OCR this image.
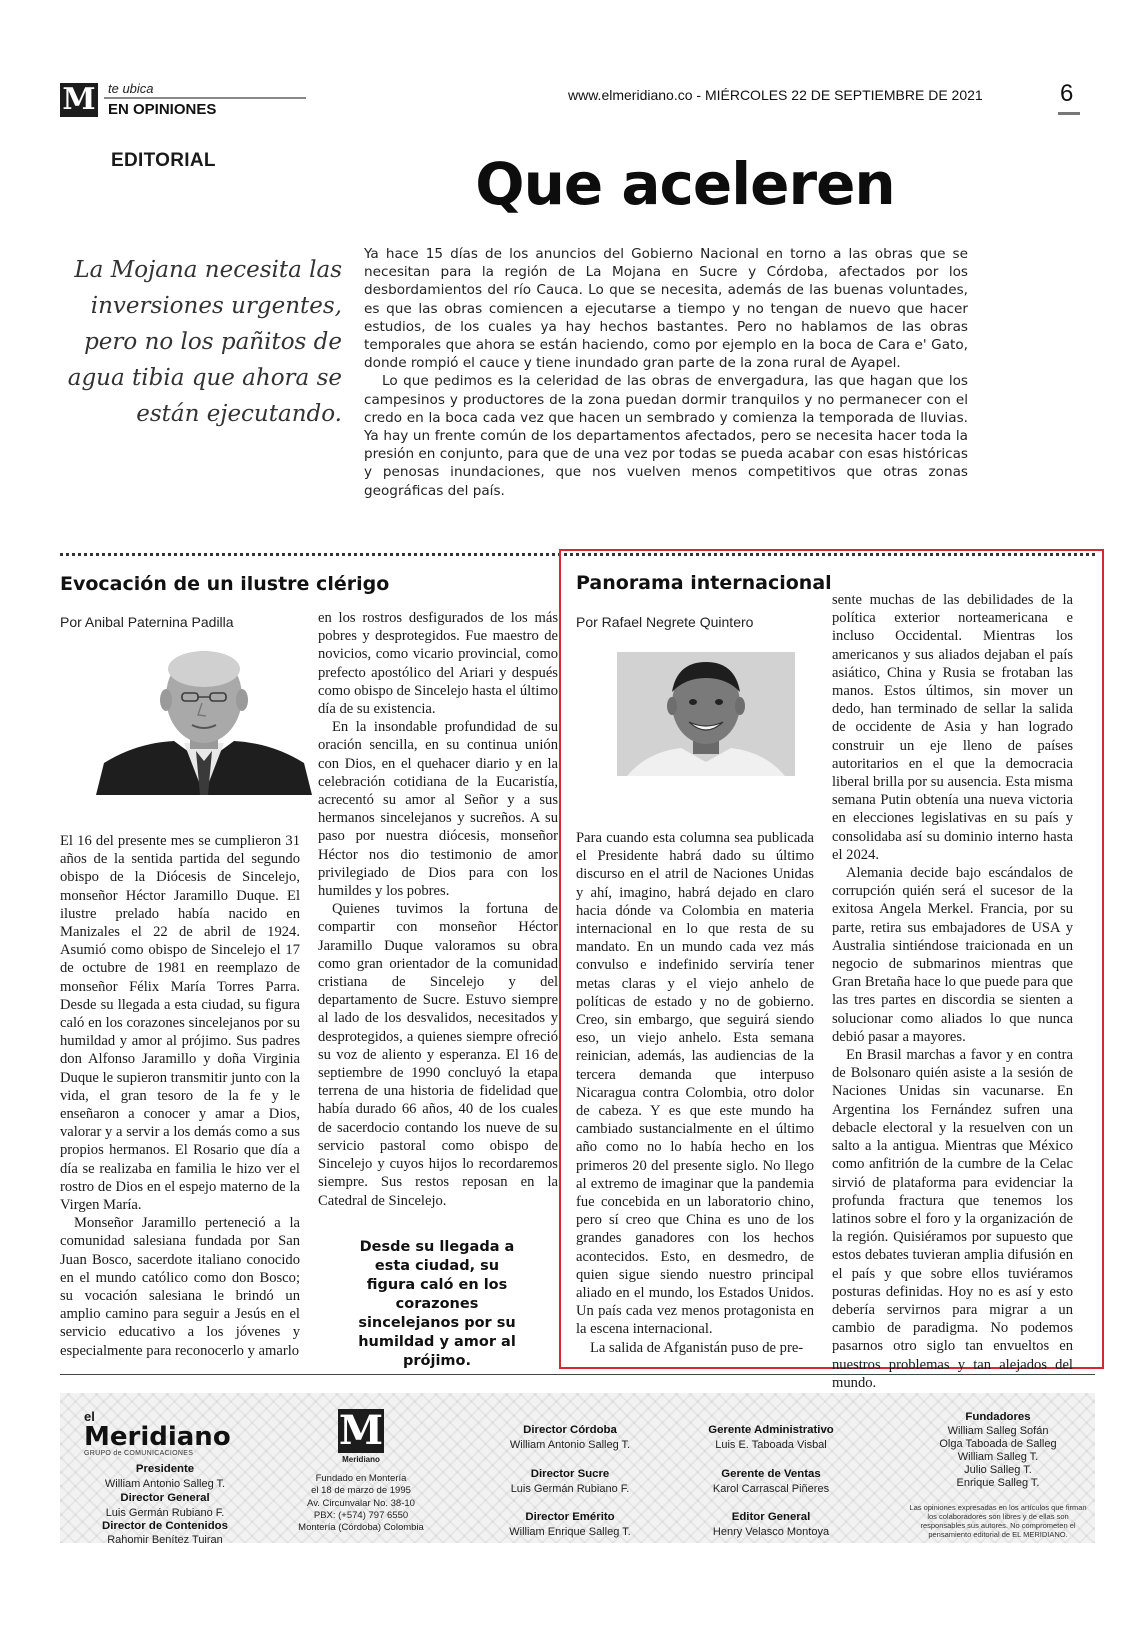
M te ubica
EN OPINIONES
www.elmeridiano.co - MIÉRCOLES 22 DE SEPTIEMBRE DE 2021	6
EDITORIAL	Que aceleren
La Mojana necesita las inversiones urgentes, pero no los pañitos de agua tibia que ahora se están ejecutando.

Ya hace 15 días de los anuncios del Gobierno Nacional en torno a las obras que se necesitan para la región de La Mojana en Sucre y Córdoba, afectados por los desbordamientos del río Cauca. Lo que se necesita, además de las buenas voluntades, es que las obras comiencen a ejecutarse a tiempo y no tengan de nuevo que hacer estudios, de los cuales ya hay hechos bastantes. Pero no hablamos de las obras temporales que ahora se están haciendo, como por ejemplo en la boca de Cara e' Gato, donde rompió el cauce y tiene inundado gran parte de la zona rural de Ayapel.

Lo que pedimos es la celeridad de las obras de envergadura, las que hagan que los campesinos y productores de la zona puedan dormir tranquilos y no permanecer con el credo en la boca cada vez que hacen un sembrado y comienza la temporada de lluvias. Ya hay un frente común de los departamentos afectados, pero se necesita hacer toda la presión en conjunto, para que de una vez por todas se pueda acabar con esas históricas y penosas inundaciones, que nos vuelven menos competitivos que otras zonas geográficas del país.

Evocación de un ilustre clérigo
Por Anibal Paternina Padilla

El 16 del presente mes se cumplieron 31 años de la sentida partida del segundo obispo de la Diócesis de Sincelejo, monseñor Héctor Jaramillo Duque. El ilustre prelado había nacido en Manizales el 22 de abril de 1924. Asumió como obispo de Sincelejo el 17 de octubre de 1981 en reemplazo de monseñor Félix María Torres Parra. Desde su llegada a esta ciudad, su figura caló en los corazones sincelejanos por su humildad y amor al prójimo. Sus padres don Alfonso Jaramillo y doña Virginia Duque le supieron transmitir junto con la vida, el gran tesoro de la fe y le enseñaron a conocer y amar a Dios, valorar y a servir a los demás como a sus propios hermanos. El Rosario que día a día se realizaba en familia le hizo ver el rostro de Dios en el espejo materno de la Virgen María.

Monseñor Jaramillo perteneció a la comunidad salesiana fundada por San Juan Bosco, sacerdote italiano conocido en el mundo católico como don Bosco; su vocación salesiana le brindó un amplio camino para seguir a Jesús en el servicio educativo a los jóvenes y especialmente para reconocerlo y amarlo

en los rostros desfigurados de los más pobres y desprotegidos. Fue maestro de novicios, como vicario provincial, como prefecto apostólico del Ariari y después como obispo de Sincelejo hasta el último día de su existencia.

En la insondable profundidad de su oración sencilla, en su continua unión con Dios, en el quehacer diario y en la celebración cotidiana de la Eucaristía, acrecentó su amor al Señor y a sus hermanos sincelejanos y sucreños. A su paso por nuestra diócesis, monseñor Héctor nos dio testimonio de amor privilegiado de Dios para con los humildes y los pobres.

Quienes tuvimos la fortuna de compartir con monseñor Héctor Jaramillo Duque valoramos su obra como gran orientador de la comunidad cristiana de Sincelejo y del departamento de Sucre. Estuvo siempre al lado de los desvalidos, necesitados y desprotegidos, a quienes siempre ofreció su voz de aliento y esperanza. El 16 de septiembre de 1990 concluyó la etapa terrena de una historia de fidelidad que había durado 66 años, 40 de los cuales de sacerdocio contando los nueve de su servicio pastoral como obispo de Sincelejo y cuyos hijos lo recordaremos siempre. Sus restos reposan en la Catedral de Sincelejo.

Desde su llegada a esta ciudad, su figura caló en los corazones sincelejanos por su humildad y amor al prójimo.
Panorama internacional
Por Rafael Negrete Quintero

Para cuando esta columna sea publicada el Presidente habrá dado su último discurso en el atril de Naciones Unidas y ahí, imagino, habrá dejado en claro hacia dónde va Colombia en materia internacional en lo que resta de su mandato. En un mundo cada vez más convulso e indefinido serviría tener metas claras y el viejo anhelo de políticas de estado y no de gobierno. Creo, sin embargo, que seguirá siendo eso, un viejo anhelo. Esta semana reinician, además, las audiencias de la tercera demanda que interpuso Nicaragua contra Colombia, otro dolor de cabeza. Y es que este mundo ha cambiado sustancialmente en el último año como no lo había hecho en los primeros 20 del presente siglo. No llego al extremo de imaginar que la pandemia fue concebida en un laboratorio chino, pero sí creo que China es uno de los grandes ganadores con los hechos acontecidos. Esto, en desmedro, de quien sigue siendo nuestro principal aliado en el mundo, los Estados Unidos. Un país cada vez menos protagonista en la escena internacional.

La salida de Afganistán puso de pre-

sente muchas de las debilidades de la política exterior norteamericana e incluso Occidental. Mientras los americanos y sus aliados dejaban el país asiático, China y Rusia se frotaban las manos. Estos últimos, sin mover un dedo, han terminado de sellar la salida de occidente de Asia y han logrado construir un eje lleno de países autoritarios en el que la democracia liberal brilla por su ausencia. Esta misma semana Putin obtenía una nueva victoria en elecciones legislativas en su país y consolidaba así su dominio interno hasta el 2024.

Alemania decide bajo escándalos de corrupción quién será el sucesor de la exitosa Angela Merkel. Francia, por su parte, retira sus embajadores de USA y Australia sintiéndose traicionada en un negocio de submarinos mientras que Gran Bretaña hace lo que puede para que las tres partes en discordia se sienten a solucionar como aliados lo que nunca debió pasar a mayores.

En Brasil marchas a favor y en contra de Bolsonaro quién asiste a la sesión de Naciones Unidas sin vacunarse. En Argentina los Fernández sufren una debacle electoral y la resuelven con un salto a la antigua. Mientras que México como anfitrión de la cumbre de la Celac sirvió de plataforma para evidenciar la profunda fractura que tenemos los latinos sobre el foro y la organización de la región. Quisiéramos por supuesto que estos debates tuvieran amplia difusión en el país y que sobre ellos tuviéramos posturas definidas. Hoy no es así y esto debería servirnos para migrar a un cambio de paradigma. No podemos pasarnos otro siglo tan envueltos en nuestros problemas y tan alejados del mundo.

el
Meridiano
GRUPO de COMUNICACIONES
Presidente
William Antonio Salleg T.
Director General
Luis Germán Rubiano F.
Director de Contenidos
Rahomir Benítez Tuiran
M
Meridiano
Fundado en Montería
el 18 de marzo de 1995
Av. Circunvalar No. 38-10
PBX: (+574) 797 6550
Montería (Córdoba) Colombia
Director Córdoba
William Antonio Salleg T.
Director Sucre
Luis Germán Rubiano F.
Director Emérito
William Enrique Salleg T.
Gerente Administrativo
Luis E. Taboada Visbal
Gerente de Ventas
Karol Carrascal Piñeres
Editor General
Henry Velasco Montoya
Fundadores
William Salleg Sofán
Olga Taboada de Salleg
William Salleg T.
Julio Salleg T.
Enrique Salleg T.
Las opiniones expresadas en los artículos que firman los colaboradores son libres y de ellas son responsables sus autores. No comprometen el pensamiento editorial de EL MERIDIANO.
